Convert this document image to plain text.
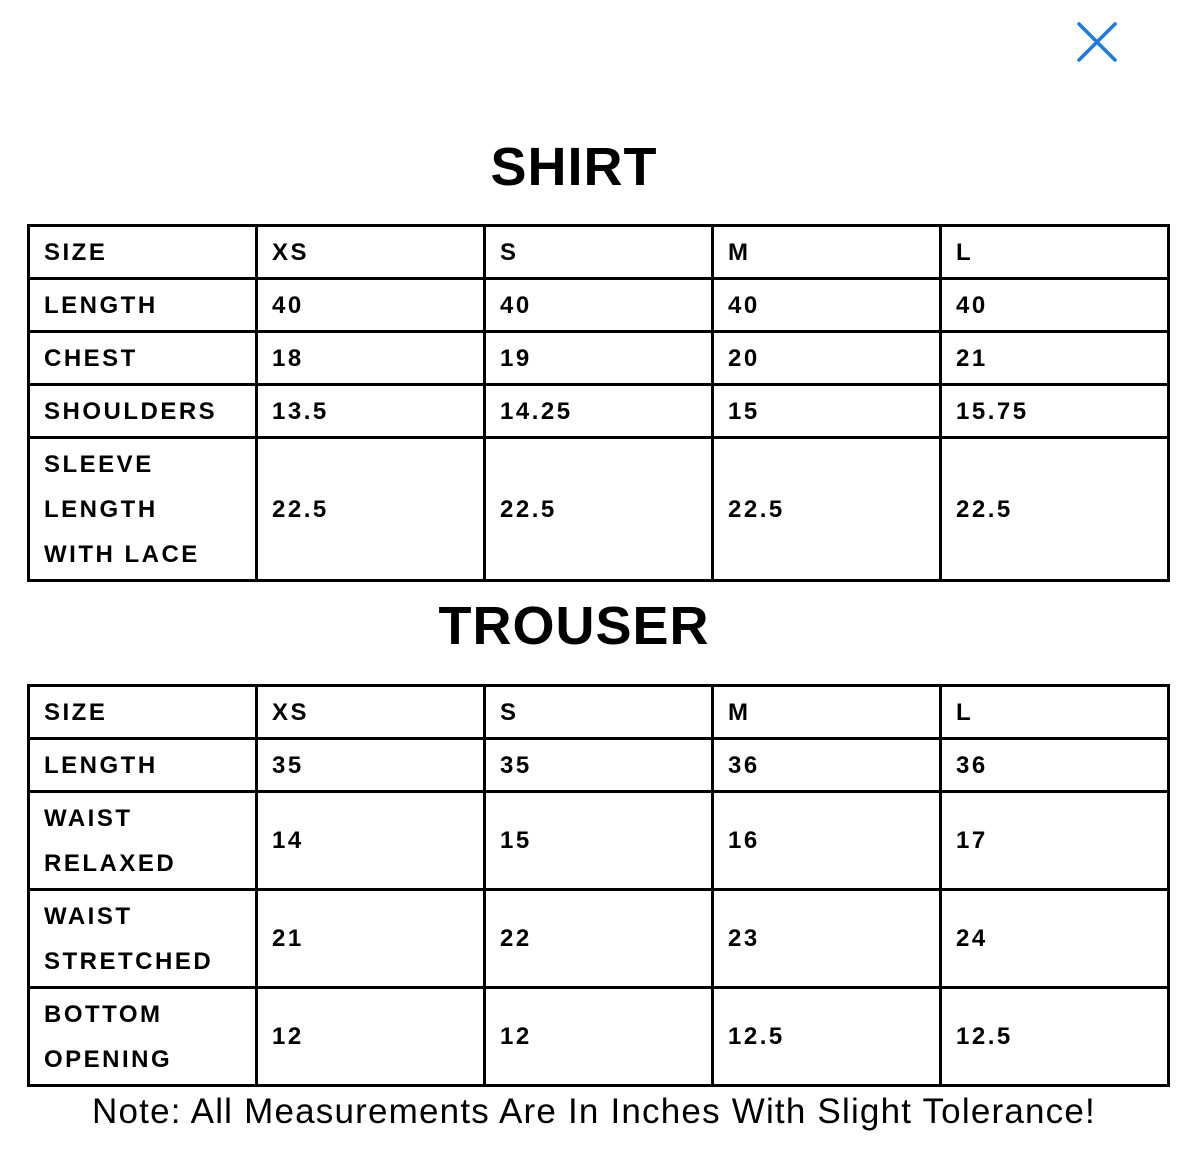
SHIRT
SIZE	XS	S	M	L
LENGTH	40	40	40	40
CHEST	18	19	20	21
SHOULDERS	13.5	14.25	15	15.75

SLEEVE
LENGTH
WITH LACE	22.5	22.5	22.5	22.5
TROUSER
SIZE	XS	S	M	L
LENGTH	35	35	36	36

WAIST
RELAXED	14	15	16	17

WAIST
STRETCHED	21	22	23	24

BOTTOM
OPENING	12	12	12.5	12.5

Note: All Measurements Are In Inches With Slight Tolerance!
